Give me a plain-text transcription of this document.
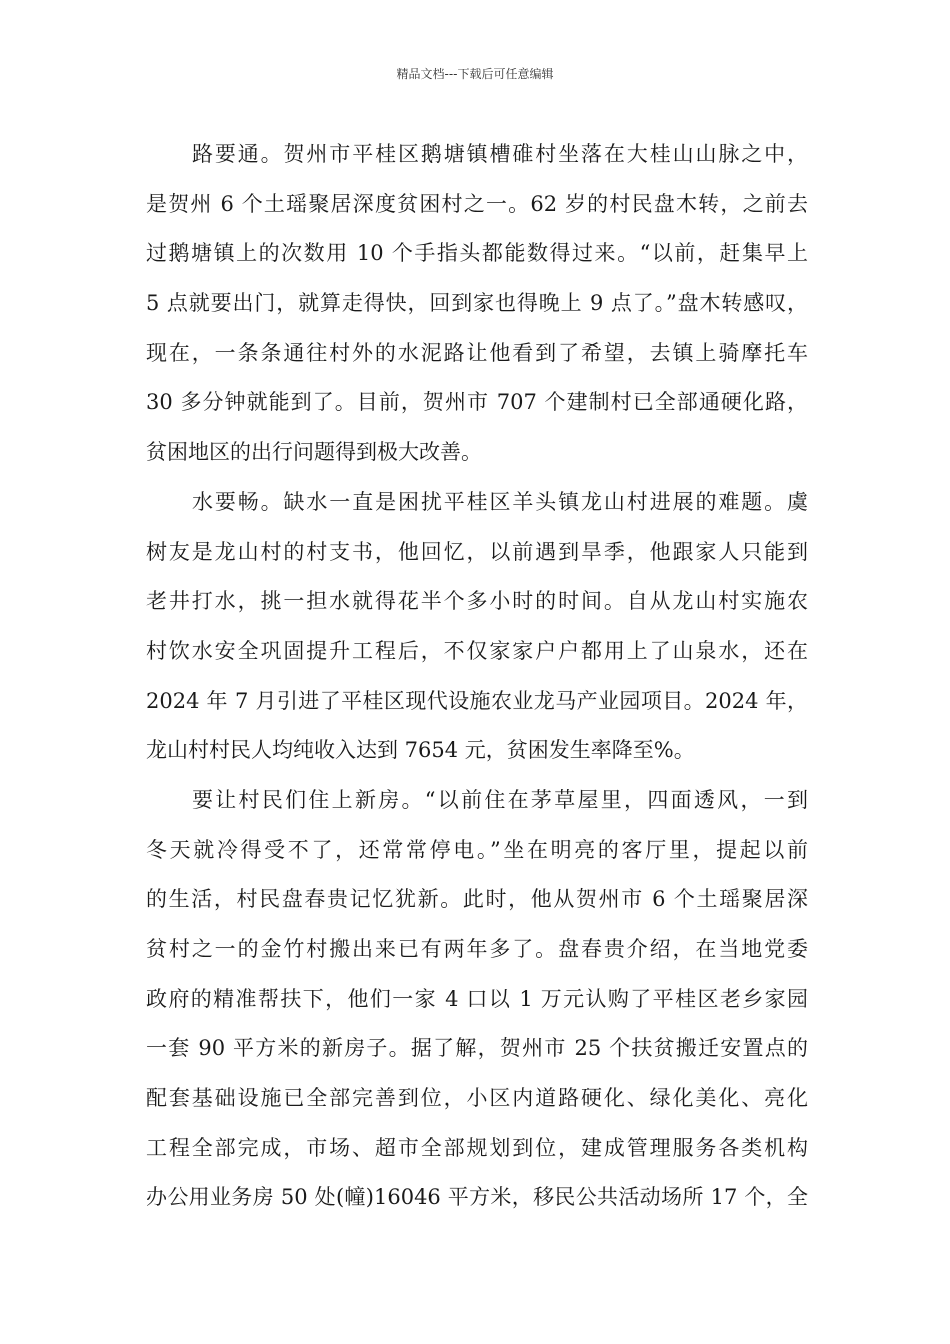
精品文档---下载后可任意编辑
路要通。贺州市平桂区鹅塘镇槽碓村坐落在大桂山山脉之中，
是贺州 6 个土瑶聚居深度贫困村之一。62 岁的村民盘木转，之前去
过鹅塘镇上的次数用 10 个手指头都能数得过来。“以前，赶集早上
5 点就要出门，就算走得快，回到家也得晚上 9 点了。”盘木转感叹，
现在，一条条通往村外的水泥路让他看到了希望，去镇上骑摩托车
30 多分钟就能到了。目前，贺州市 707 个建制村已全部通硬化路，
贫困地区的出行问题得到极大改善。
水要畅。缺水一直是困扰平桂区羊头镇龙山村进展的难题。虞
树友是龙山村的村支书，他回忆，以前遇到旱季，他跟家人只能到
老井打水，挑一担水就得花半个多小时的时间。自从龙山村实施农
村饮水安全巩固提升工程后，不仅家家户户都用上了山泉水，还在
2024 年 7 月引进了平桂区现代设施农业龙马产业园项目。2024 年，
龙山村村民人均纯收入达到 7654 元，贫困发生率降至%。
要让村民们住上新房。“以前住在茅草屋里，四面透风，一到
冬天就冷得受不了，还常常停电。”坐在明亮的客厅里，提起以前
的生活，村民盘春贵记忆犹新。此时，他从贺州市 6 个土瑶聚居深
贫村之一的金竹村搬出来已有两年多了。盘春贵介绍，在当地党委
政府的精准帮扶下，他们一家 4 口以 1 万元认购了平桂区老乡家园
一套 90 平方米的新房子。据了解，贺州市 25 个扶贫搬迁安置点的
配套基础设施已全部完善到位，小区内道路硬化、绿化美化、亮化
工程全部完成，市场、超市全部规划到位，建成管理服务各类机构
办公用业务房 50 处(幢)16046 平方米，移民公共活动场所 17 个，全
